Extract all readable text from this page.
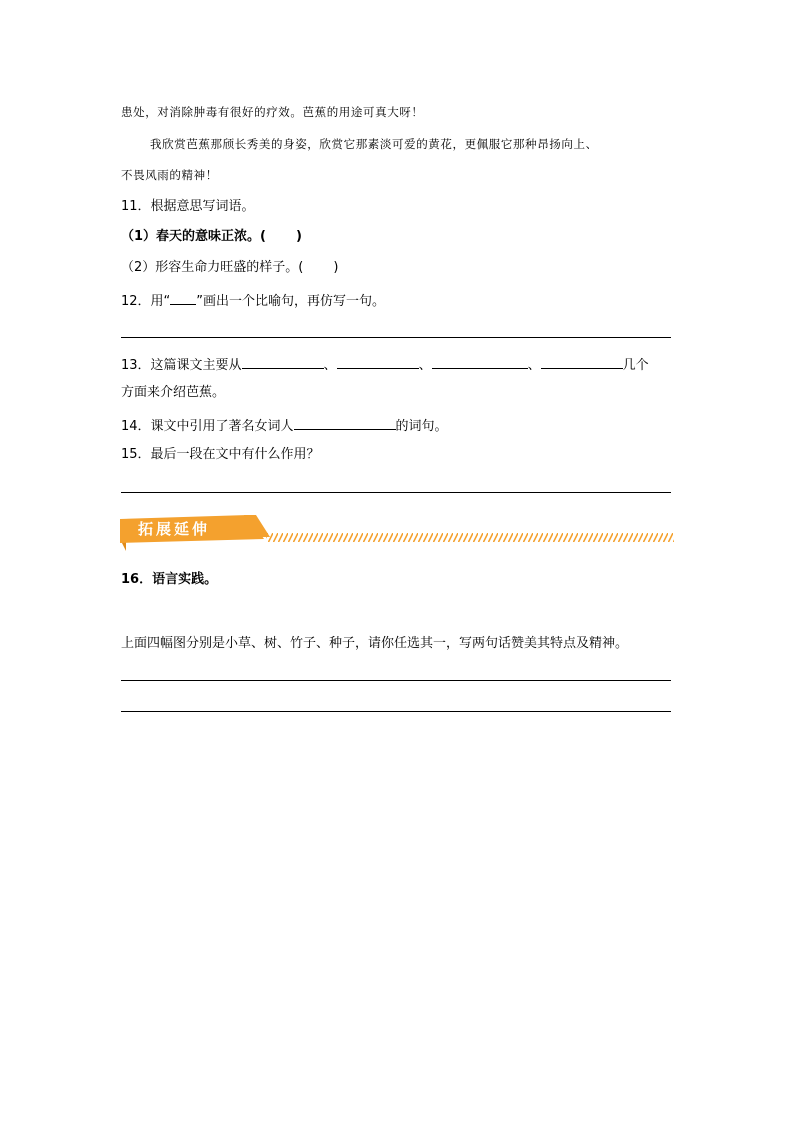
患处，对消除肿毒有很好的疗效。芭蕉的用途可真大呀！
我欣赏芭蕉那颀长秀美的身姿，欣赏它那素淡可爱的黄花，更佩服它那种昂扬向上、
不畏风雨的精神！
11．根据意思写词语。
（1）春天的意味正浓。( )
（2）形容生命力旺盛的样子。( )
12．用“ ”画出一个比喻句，再仿写一句。
13．这篇课文主要从	、	、	、	几个
方面来介绍芭蕉。
14．课文中引用了著名女词人	的词句。
15．最后一段在文中有什么作用？
拓展延伸
16．语言实践。
上面四幅图分别是小草、树、竹子、种子，请你任选其一，写两句话赞美其特点及精神。
